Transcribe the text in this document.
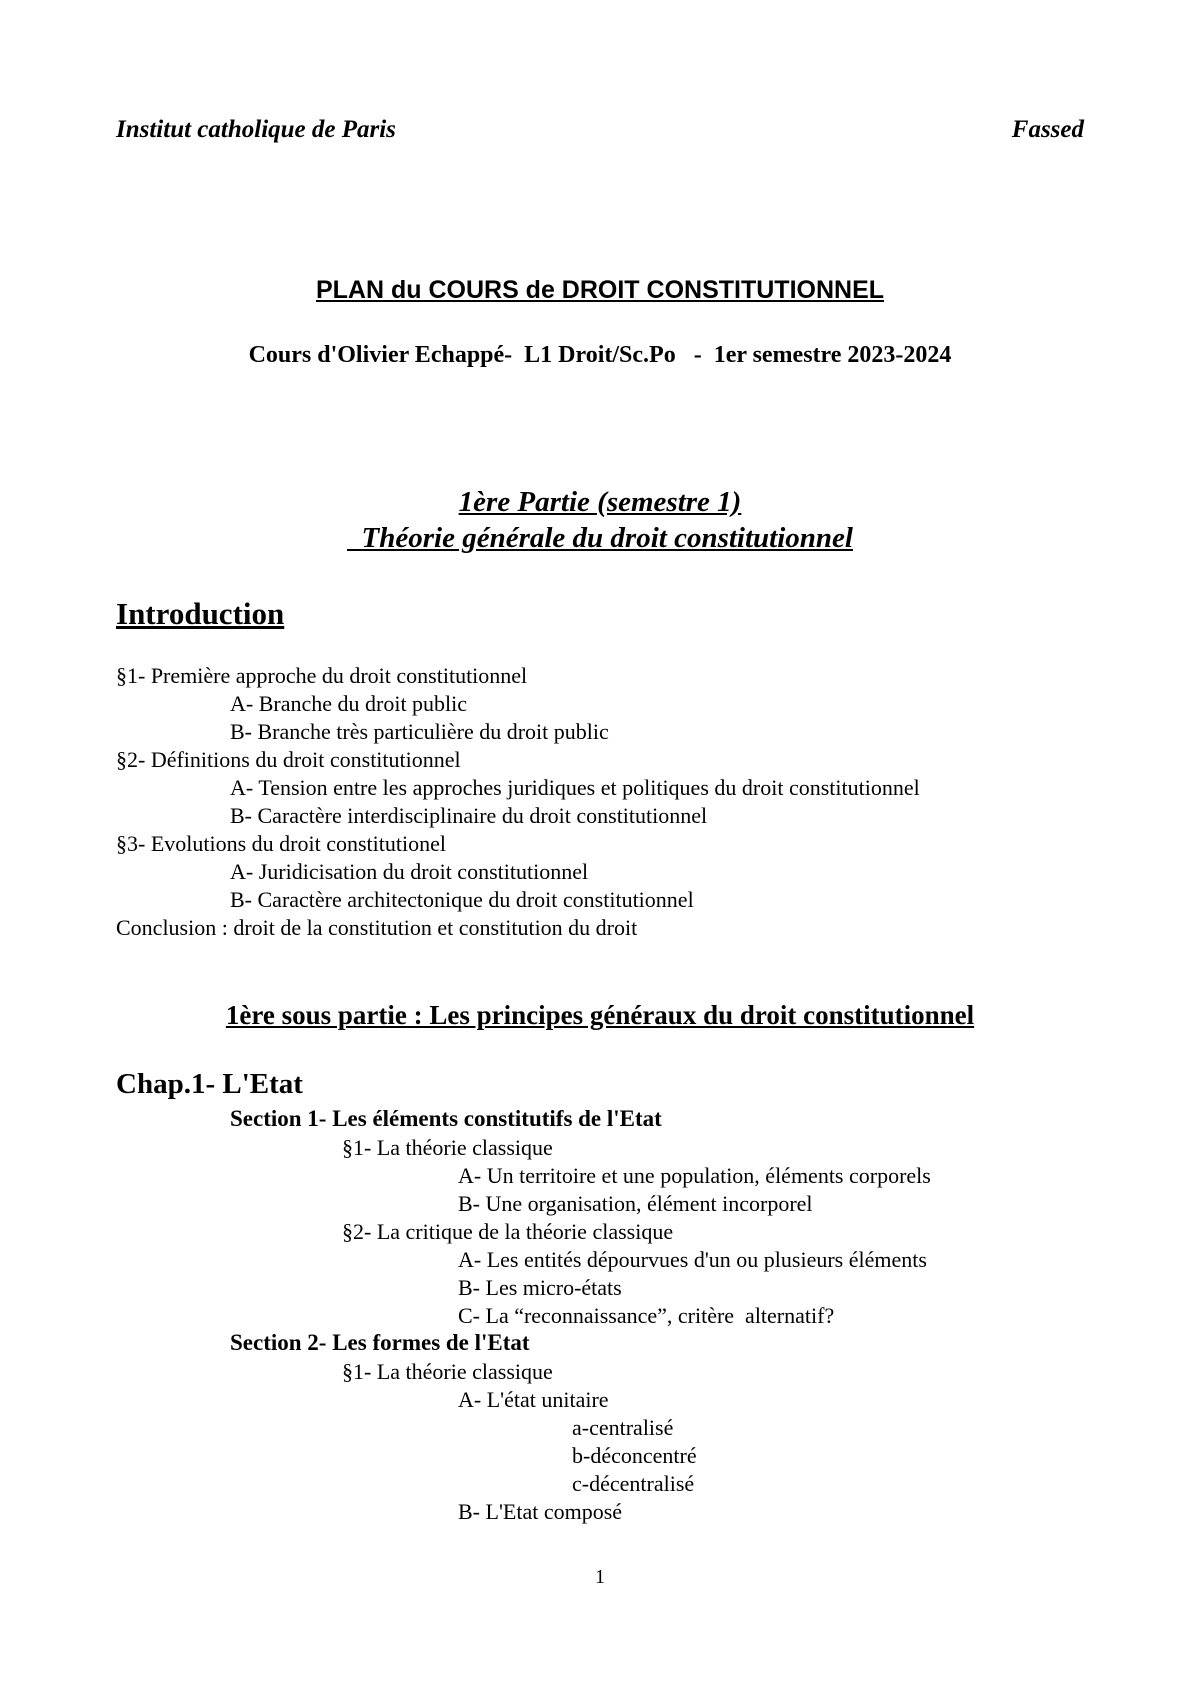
Institut catholique de Paris	Fassed
PLAN du COURS de DROIT CONSTITUTIONNEL
Cours d'Olivier Echappé-  L1 Droit/Sc.Po   -  1er semestre 2023-2024
1ère Partie (semestre 1)
Théorie générale du droit constitutionnel
Introduction
§1- Première approche du droit constitutionnel
A- Branche du droit public
B- Branche très particulière du droit public
§2- Définitions du droit constitutionnel
A- Tension entre les approches juridiques et politiques du droit constitutionnel
B- Caractère interdisciplinaire du droit constitutionnel
§3- Evolutions du droit constitutionel
A- Juridicisation du droit constitutionnel
B- Caractère architectonique du droit constitutionnel
Conclusion : droit de la constitution et constitution du droit
1ère sous partie : Les principes généraux du droit constitutionnel
Chap.1- L'Etat
Section 1- Les éléments constitutifs de l'Etat
§1- La théorie classique
A- Un territoire et une population, éléments corporels
B- Une organisation, élément incorporel
§2- La critique de la théorie classique
A- Les entités dépourvues d'un ou plusieurs éléments
B- Les micro-états
C- La “reconnaissance”, critère  alternatif?
Section 2- Les formes de l'Etat
§1- La théorie classique
A- L'état unitaire
a-centralisé
b-déconcentré
c-décentralisé
B- L'Etat composé
1
